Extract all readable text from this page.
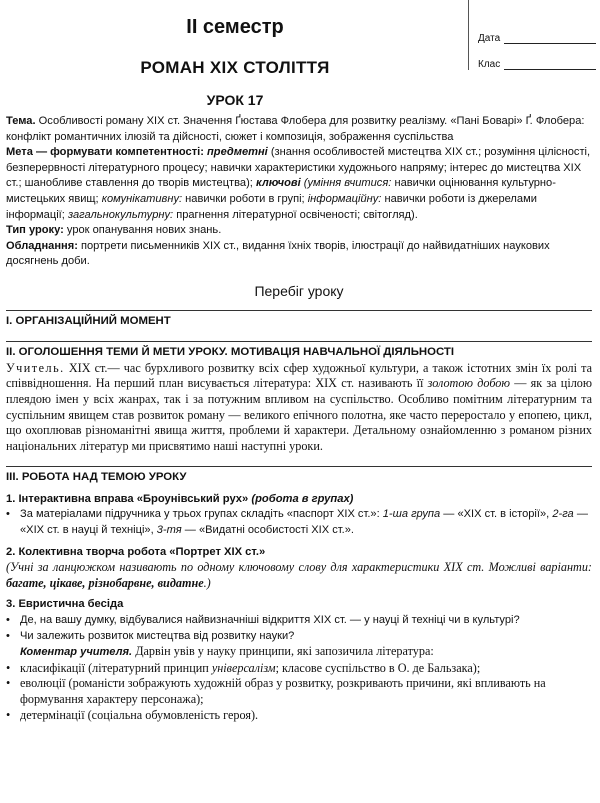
Дата
Клас
ІІ семестр
РОМАН ХІХ СТОЛІТТЯ
УРОК 17

Тема. Особливості роману ХІХ ст. Значення Ґюстава Флобера для розвитку реалізму. «Пані Боварі» Ґ. Флобера: конфлікт романтичних ілюзій та дійсності, сюжет і композиція, зображення суспільства

Мета — формувати компетентності: предметні (знання особливостей мистецтва ХІХ ст.; розуміння цілісності, безперервності літературного процесу; навички характеристики художнього напряму; інтерес до мистецтва ХІХ ст.; шанобливе ставлення до творів мистецтва); ключові (уміння вчитися: навички оцінювання культурно-мистецьких явищ; комунікативну: навички роботи в групі; інформаційну: навички роботи із джерелами інформації; загальнокультурну: прагнення літературної освіченості; світогляд).

Тип уроку: урок опанування нових знань.

Обладнання: портрети письменників ХІХ ст., видання їхніх творів, ілюстрації до найвидатніших наукових досягнень доби.

Перебіг уроку
І. ОРГАНІЗАЦІЙНИЙ МОМЕНТ
ІІ. ОГОЛОШЕННЯ ТЕМИ Й МЕТИ УРОКУ. МОТИВАЦІЯ НАВЧАЛЬНОЇ ДІЯЛЬНОСТІ
Учитель. ХІХ ст.— час бурхливого розвитку всіх сфер художньої культури, а також істотних змін їх ролі та співвідношення. На перший план висувається література: ХІХ ст. називають її золотою добою — як за цілою плеядою імен у всіх жанрах, так і за потужним впливом на суспільство. Особливо помітним літературним та суспільним явищем став розвиток роману — великого епічного полотна, яке часто переростало у епопею, цикл, що охоплював різноманітні явища життя, проблеми й характери. Детальному ознайомленню з романом різних національних літератур ми присвятимо наші наступні уроки.
ІІІ. РОБОТА НАД ТЕМОЮ УРОКУ
1. Інтерактивна вправа «Броунівський рух» (робота в групах)
•
За матеріалами підручника у трьох групах складіть «паспорт ХІХ ст.»: 1-ша група — «ХІХ ст. в історії», 2-га — «ХІХ ст. в науці й техніці», 3-тя — «Видатні особистості ХІХ ст.».
2. Колективна творча робота «Портрет ХІХ ст.»
(Учні за ланцюжком називають по одному ключовому слову для характеристики ХІХ ст. Можливі варіанти: багате, цікаве, різнобарвне, видатне.)
3. Евристична бесіда
•
Де, на вашу думку, відбувалися найвизначніші відкриття ХІХ ст. — у науці й техніці чи в культурі?
•
Чи залежить розвиток мистецтва від розвитку науки?
Коментар учителя. Дарвін увів у науку принципи, які запозичила література:
•
класифікації (літературний принцип універсалізм; класове суспільство в О. де Бальзака);
•
еволюції (романісти зображують художній образ у розвитку, розкривають причини, які впливають на формування характеру персонажа);
•
детермінації (соціальна обумовленість героя).
